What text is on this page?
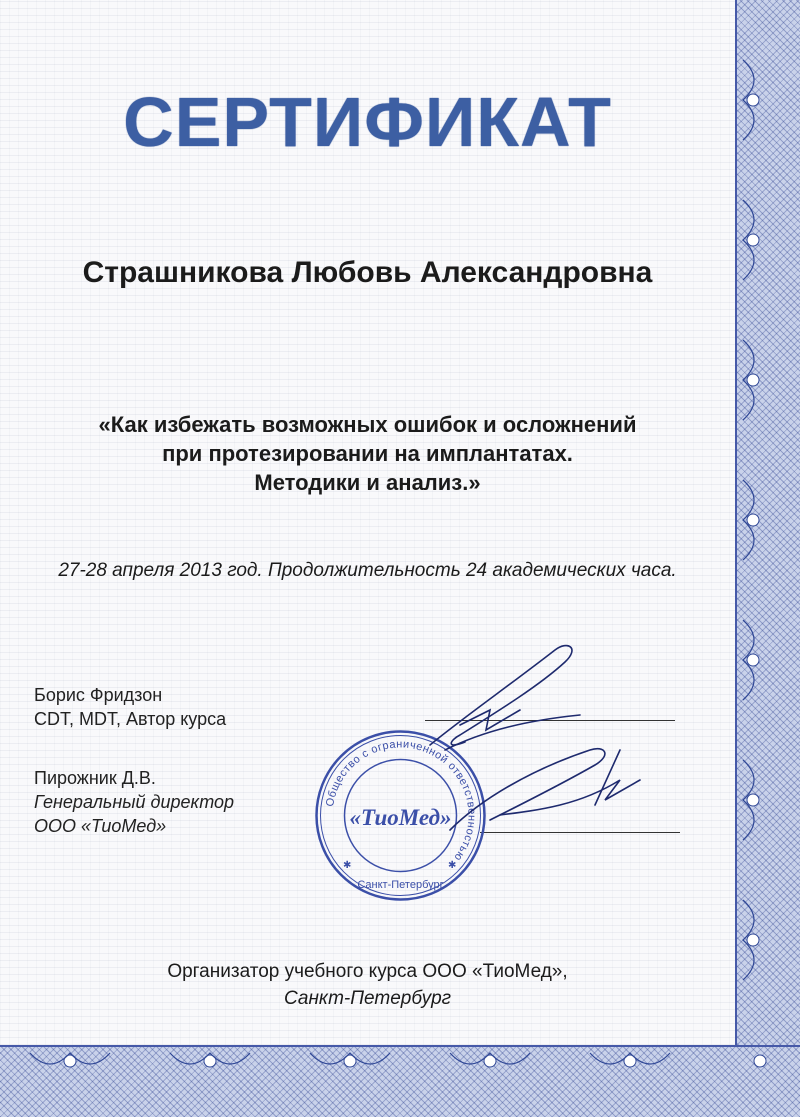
СЕРТИФИКАТ
Страшникова Любовь Александровна
«Как избежать возможных ошибок и осложнений
при протезировании на имплантатах.
Методики и анализ.»
27-28 апреля 2013 год. Продолжительность 24 академических часа.
Борис Фридзон
CDT, MDT, Автор курса
Пирожник Д.В.
Генеральный директор
ООО «ТиоМед»
Общество с ограниченной ответственностью
«ТиоМед»
Санкт-Петербург
✱	✱
Организатор учебного курса ООО «ТиоМед»,
Санкт-Петербург
